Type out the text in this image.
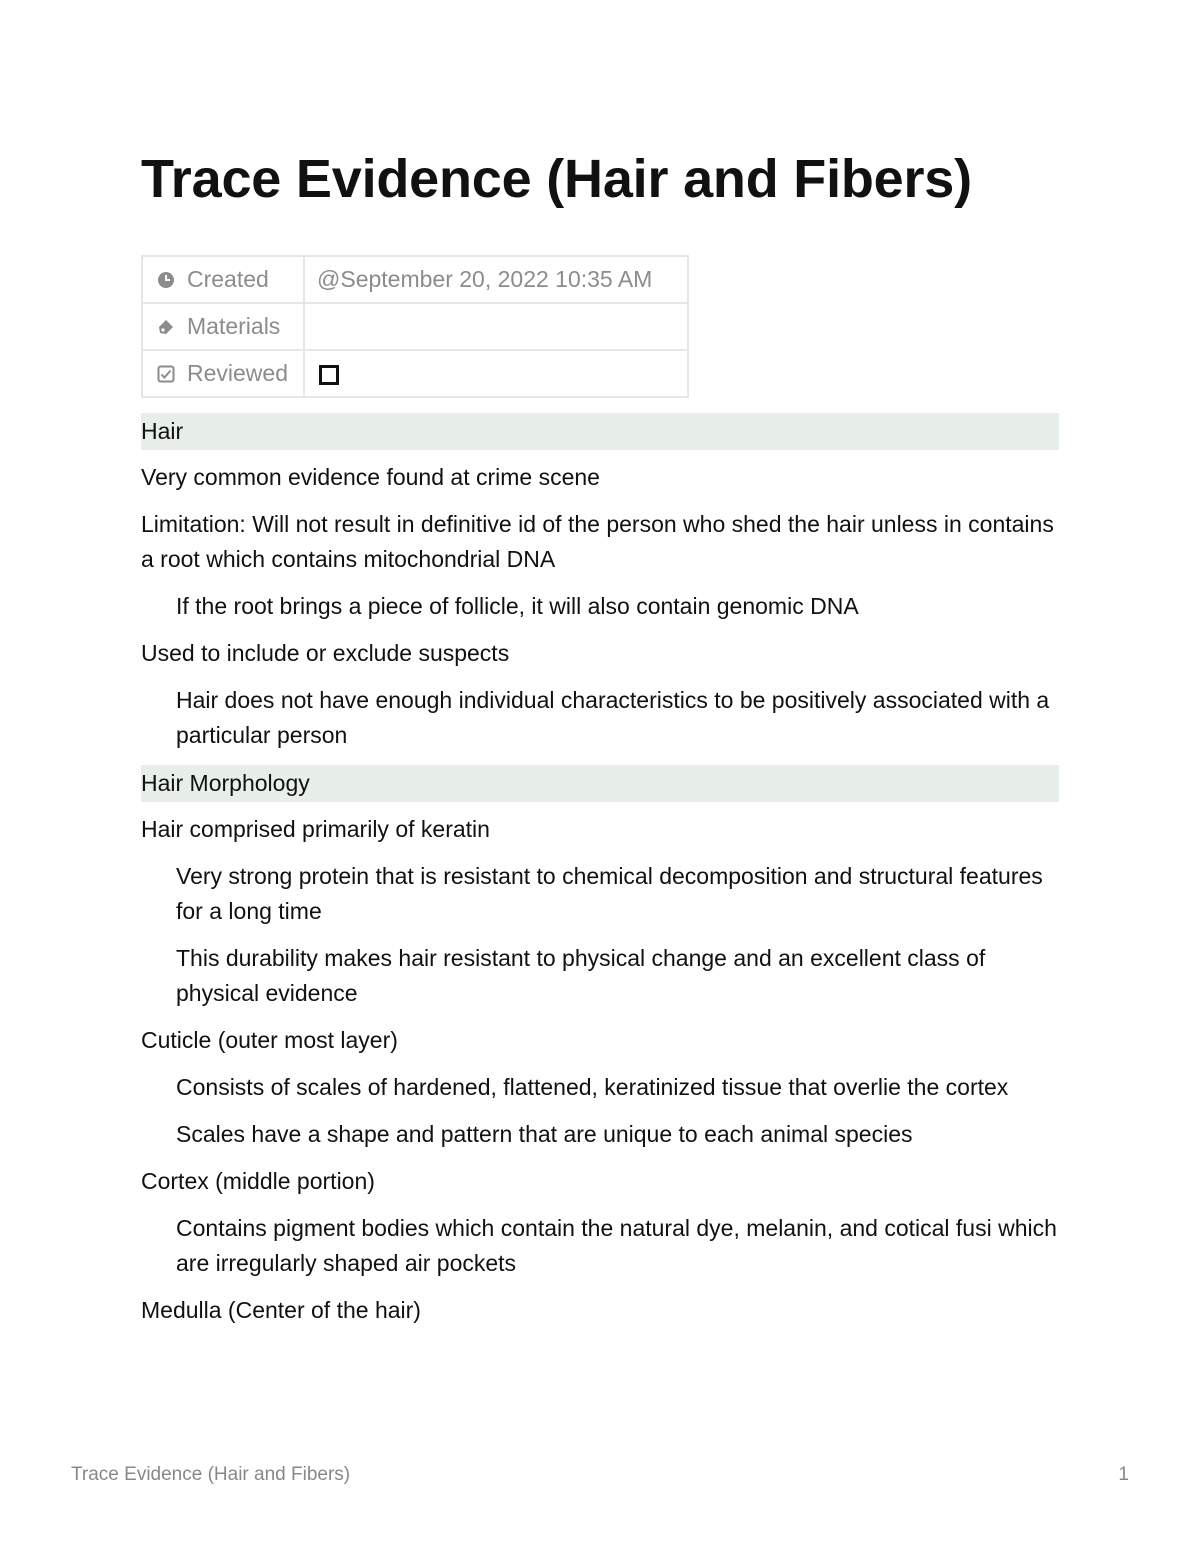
Trace Evidence (Hair and Fibers)
Created	@September 20, 2022 10:35 AM

Materials	

Reviewed	

Hair

Very common evidence found at crime scene

Limitation: Will not result in definitive id of the person who shed the hair unless in contains a root which contains mitochondrial DNA

If the root brings a piece of follicle, it will also contain genomic DNA

Used to include or exclude suspects

Hair does not have enough individual characteristics to be positively associated with a particular person

Hair Morphology

Hair comprised primarily of keratin

Very strong protein that is resistant to chemical decomposition and structural features for a long time

This durability makes hair resistant to physical change and an excellent class of physical evidence

Cuticle (outer most layer)

Consists of scales of hardened, flattened, keratinized tissue that overlie the cortex

Scales have a shape and pattern that are unique to each animal species

Cortex (middle portion)

Contains pigment bodies which contain the natural dye, melanin, and cotical fusi which are irregularly shaped air pockets

Medulla (Center of the hair)

Trace Evidence (Hair and Fibers)	1
